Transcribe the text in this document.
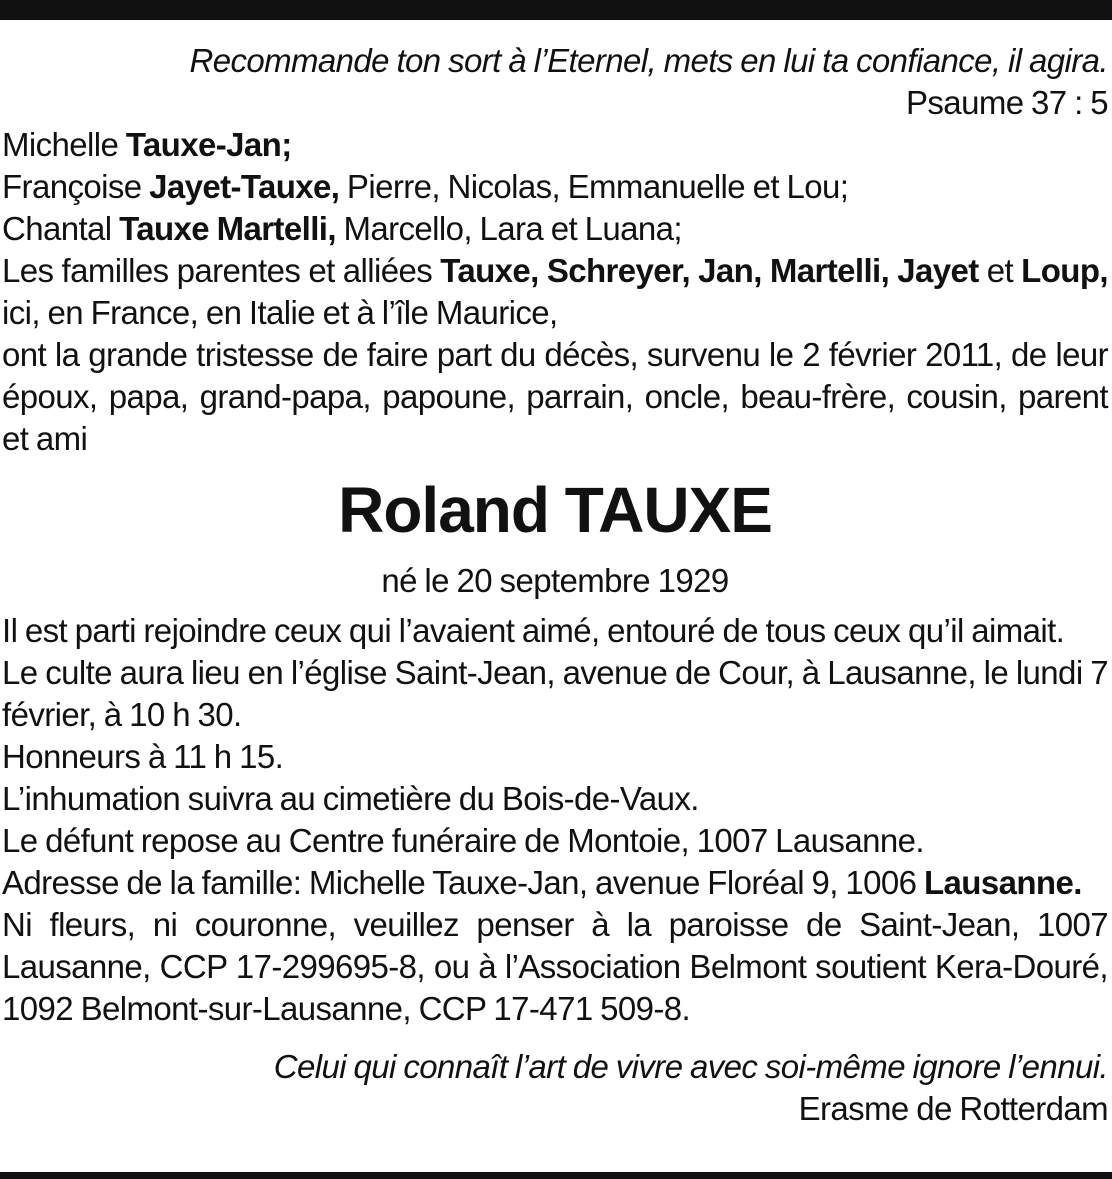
Recommande ton sort à l’Eternel, mets en lui ta confiance, il agira.
Psaume 37 : 5
Michelle Tauxe-Jan;
Françoise Jayet-Tauxe, Pierre, Nicolas, Emmanuelle et Lou;
Chantal Tauxe Martelli, Marcello, Lara et Luana;
Les familles parentes et alliées Tauxe, Schreyer, Jan, Martelli, Jayet et Loup, ici, en France, en Italie et à l’île Maurice,
ont la grande tristesse de faire part du décès, survenu le 2 février 2011, de leur époux, papa, grand-papa, papoune, parrain, oncle, beau-frère, cousin, parent et ami
Roland TAUXE
né le 20 septembre 1929
Il est parti rejoindre ceux qui l’avaient aimé, entouré de tous ceux qu’il aimait.
Le culte aura lieu en l’église Saint-Jean, avenue de Cour, à Lausanne, le lundi 7 février, à 10 h 30.
Honneurs à 11 h 15.
L’inhumation suivra au cimetière du Bois-de-Vaux.
Le défunt repose au Centre funéraire de Montoie, 1007 Lausanne.
Adresse de la famille: Michelle Tauxe-Jan, avenue Floréal 9, 1006 Lausanne.
Ni fleurs, ni couronne, veuillez penser à la paroisse de Saint-Jean, 1007 Lausanne, CCP 17-299695-8, ou à l’Association Belmont soutient Kera-Douré, 1092 Belmont-sur-Lausanne, CCP 17-471 509-8.
Celui qui connaît l’art de vivre avec soi-même ignore l’ennui.
Erasme de Rotterdam
